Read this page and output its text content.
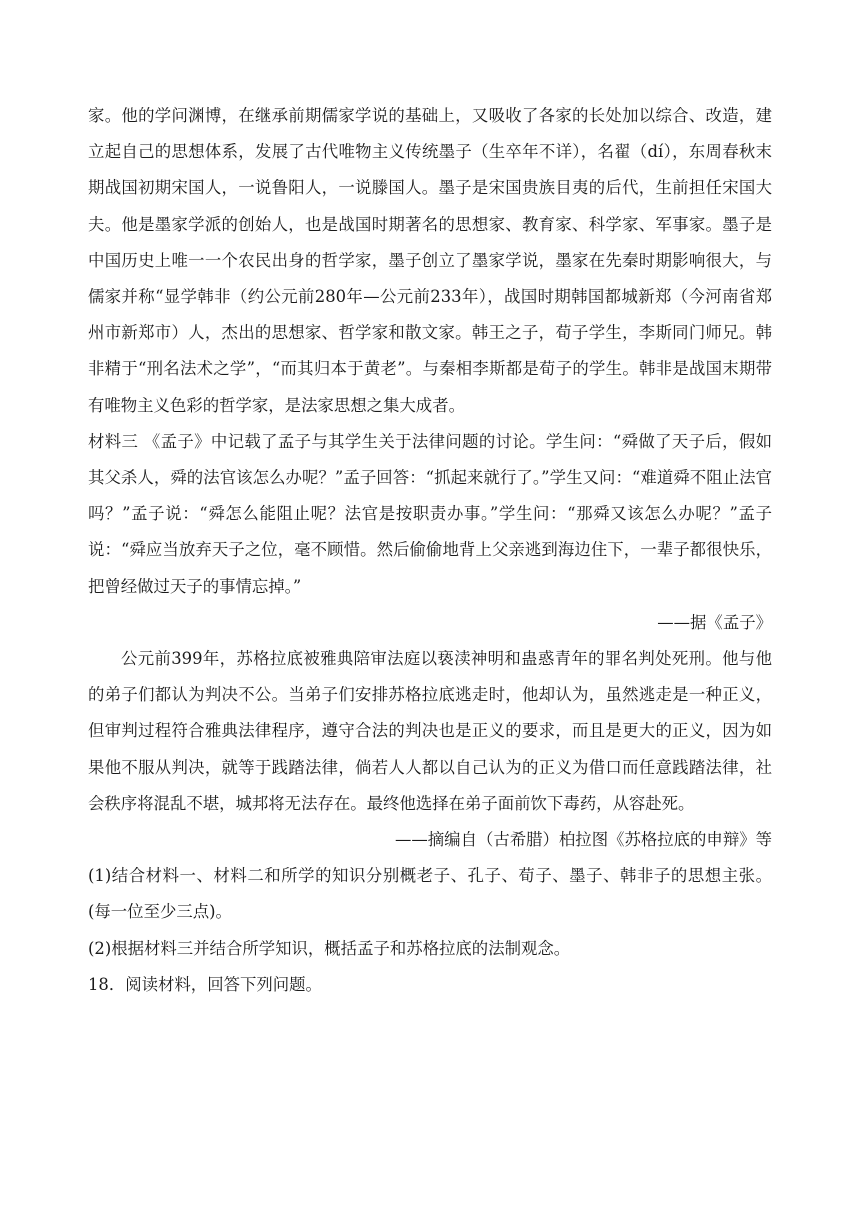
家。他的学问渊博，在继承前期儒家学说的基础上，又吸收了各家的长处加以综合、改造，建立起自己的思想体系，发展了古代唯物主义传统墨子（生卒年不详），名翟（dí），东周春秋末期战国初期宋国人，一说鲁阳人，一说滕国人。墨子是宋国贵族目夷的后代，生前担任宋国大夫。他是墨家学派的创始人，也是战国时期著名的思想家、教育家、科学家、军事家。墨子是中国历史上唯一一个农民出身的哲学家，墨子创立了墨家学说，墨家在先秦时期影响很大，与儒家并称“显学韩非（约公元前280年—公元前233年），战国时期韩国都城新郑（今河南省郑州市新郑市）人，杰出的思想家、哲学家和散文家。韩王之子，荀子学生，李斯同门师兄。韩非精于“刑名法术之学”，“而其归本于黄老”。与秦相李斯都是荀子的学生。韩非是战国末期带有唯物主义色彩的哲学家，是法家思想之集大成者。

材料三 《孟子》中记载了孟子与其学生关于法律问题的讨论。学生问：“舜做了天子后，假如其父杀人，舜的法官该怎么办呢？”孟子回答：“抓起来就行了。”学生又问：“难道舜不阻止法官吗？”孟子说：“舜怎么能阻止呢？法官是按职责办事。”学生问：“那舜又该怎么办呢？”孟子说：“舜应当放弃天子之位，毫不顾惜。然后偷偷地背上父亲逃到海边住下，一辈子都很快乐，把曾经做过天子的事情忘掉。”

——据《孟子》

公元前399年，苏格拉底被雅典陪审法庭以亵渎神明和蛊惑青年的罪名判处死刑。他与他的弟子们都认为判决不公。当弟子们安排苏格拉底逃走时，他却认为，虽然逃走是一种正义，但审判过程符合雅典法律程序，遵守合法的判决也是正义的要求，而且是更大的正义，因为如果他不服从判决，就等于践踏法律，倘若人人都以自己认为的正义为借口而任意践踏法律，社会秩序将混乱不堪，城邦将无法存在。最终他选择在弟子面前饮下毒药，从容赴死。

——摘编自（古希腊）柏拉图《苏格拉底的申辩》等

(1)结合材料一、材料二和所学的知识分别概老子、孔子、荀子、墨子、韩非子的思想主张。(每一位至少三点)。

(2)根据材料三并结合所学知识，概括孟子和苏格拉底的法制观念。

18．阅读材料，回答下列问题。
